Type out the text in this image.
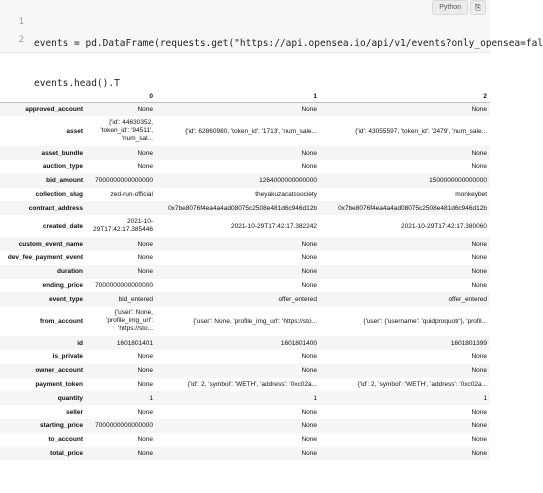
1
2

events = pd.DataFrame(requests.get("https://api.opensea.io/api/v1/events?only_opensea=fal

events.head().T

Python	⎘
	0	1	2
approved_account	None	None	None
asset	{'id': 44630352, 'token_id': '94511', 'num_sal...	{'id': 62860980, 'token_id': '1713', 'num_sale...	{'id': 43055597, 'token_id': '2479', 'num_sale...
asset_bundle	None	None	None
auction_type	None	None	None
bid_amount	7000000000000000	1264000000000000	1500000000000000
collection_slug	zed-run-official	theyakuzacatssociety	monkeybet
contract_address		0x7be8076f4ea4a4ad08075c2508e481d6c946d12b	0x7be8076f4ea4a4ad08075c2508e481d6c946d12b
created_date	2021-10-29T17:42:17.385446	2021-10-29T17:42:17.382242	2021-10-29T17:42:17.380060
custom_event_name	None	None	None
dev_fee_payment_event	None	None	None
duration	None	None	None
ending_price	7000000000000000	None	None
event_type	bid_entered	offer_entered	offer_entered
from_account	{'user': None, 'profile_img_url': 'https://sto...	{'user': None, 'profile_img_url': 'https://sto...	{'user': {'username': 'quidproquotr'}, 'profil...
id	1601801401	1601801400	1601801399
is_private	None	None	None
owner_account	None	None	None
payment_token	None	{'id': 2, 'symbol': 'WETH', 'address': '0xc02a...	{'id': 2, 'symbol': 'WETH', 'address': '0xc02a...
quantity	1	1	1
seller	None	None	None
starting_price	7000000000000000	None	None
to_account	None	None	None
total_price	None	None	None
